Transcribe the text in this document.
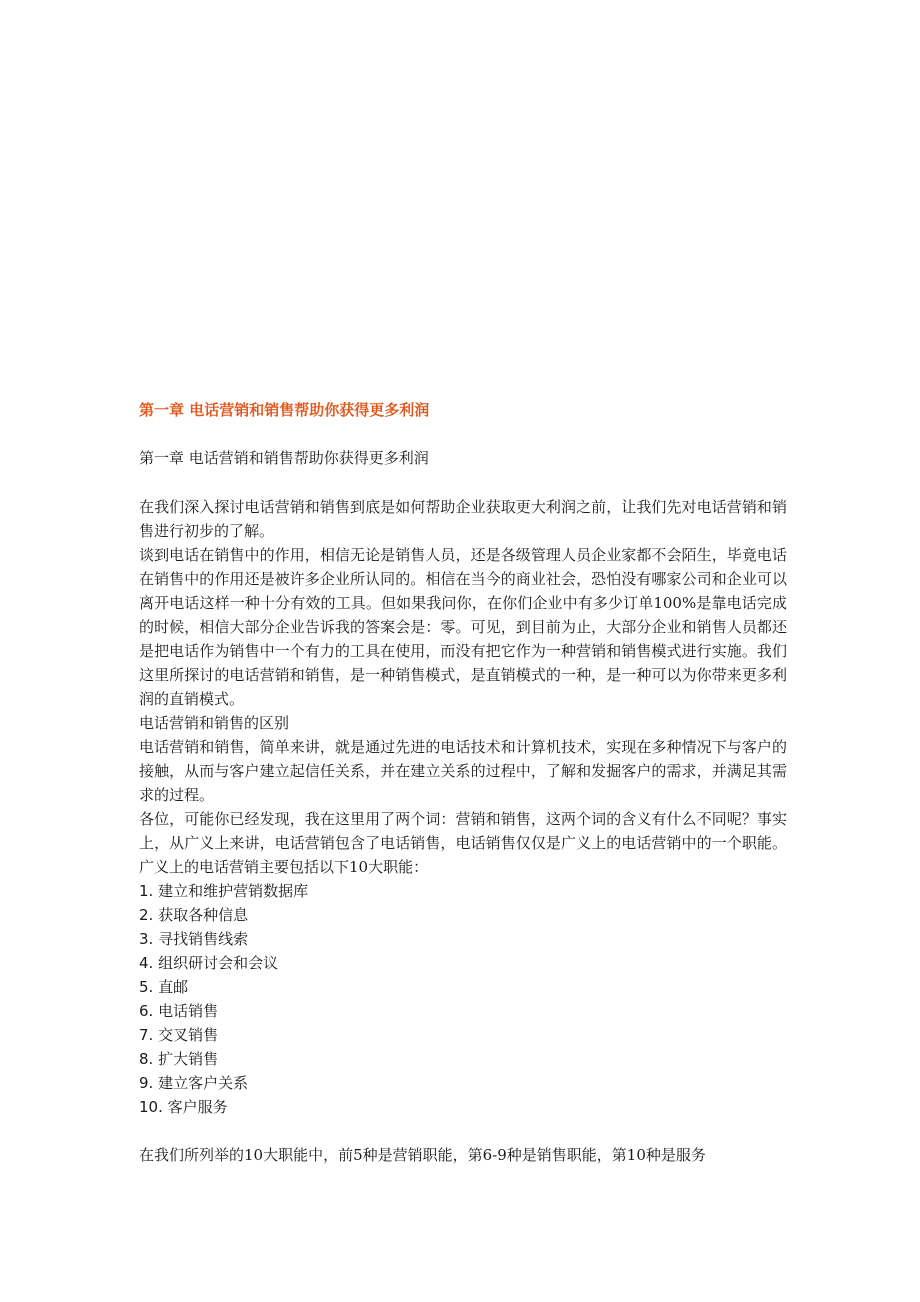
第一章 电话营销和销售帮助你获得更多利润
第一章 电话营销和销售帮助你获得更多利润

在我们深入探讨电话营销和销售到底是如何帮助企业获取更大利润之前，让我们先对电话营销和销售进行初步的了解。

谈到电话在销售中的作用，相信无论是销售人员，还是各级管理人员企业家都不会陌生，毕竟电话在销售中的作用还是被许多企业所认同的。相信在当今的商业社会，恐怕没有哪家公司和企业可以离开电话这样一种十分有效的工具。但如果我问你，在你们企业中有多少订单100%是靠电话完成的时候，相信大部分企业告诉我的答案会是：零。可见，到目前为止，大部分企业和销售人员都还是把电话作为销售中一个有力的工具在使用，而没有把它作为一种营销和销售模式进行实施。我们这里所探讨的电话营销和销售，是一种销售模式，是直销模式的一种，是一种可以为你带来更多利润的直销模式。

电话营销和销售的区别

电话营销和销售，简单来讲，就是通过先进的电话技术和计算机技术，实现在多种情况下与客户的接触，从而与客户建立起信任关系，并在建立关系的过程中，了解和发掘客户的需求，并满足其需求的过程。

各位，可能你已经发现，我在这里用了两个词：营销和销售，这两个词的含义有什么不同呢？事实上，从广义上来讲，电话营销包含了电话销售，电话销售仅仅是广义上的电话营销中的一个职能。广义上的电话营销主要包括以下10大职能：

1. 建立和维护营销数据库
2. 获取各种信息
3. 寻找销售线索
4. 组织研讨会和会议
5. 直邮
6. 电话销售
7. 交叉销售
8. 扩大销售
9. 建立客户关系
10. 客户服务

在我们所列举的10大职能中，前5种是营销职能，第6-9种是销售职能，第10种是服务
